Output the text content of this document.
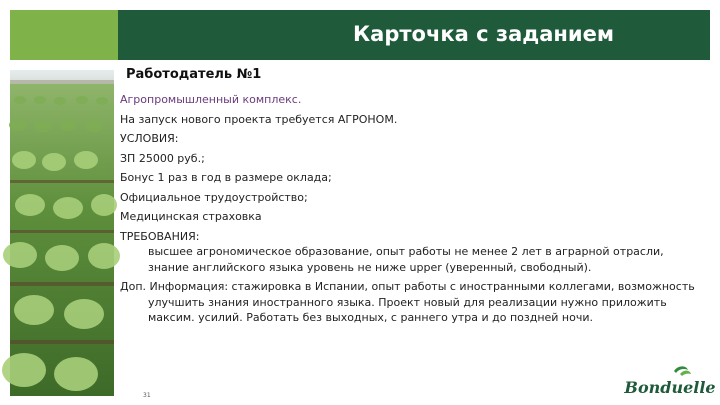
Карточка с заданием
Работодатель №1

Агропромышленный комплекс.

На запуск нового проекта требуется АГРОНОМ.

УСЛОВИЯ:

ЗП 25000 руб.;

Бонус 1 раз в год в размере оклада;

Официальное трудоустройство;

Медицинская страховка

ТРЕБОВАНИЯ:

высшее агрономическое образование, опыт работы не менее 2 лет в аграрной отрасли, знание английского языка уровень не ниже upper (уверенный, свободный).

Доп. Информация: стажировка в Испании, опыт работы с иностранными коллегами, возможность улучшить знания иностранного языка. Проект новый для реализации нужно приложить максим. усилий. Работать без выходных, с раннего утра и до поздней ночи.

31	Bonduelle
